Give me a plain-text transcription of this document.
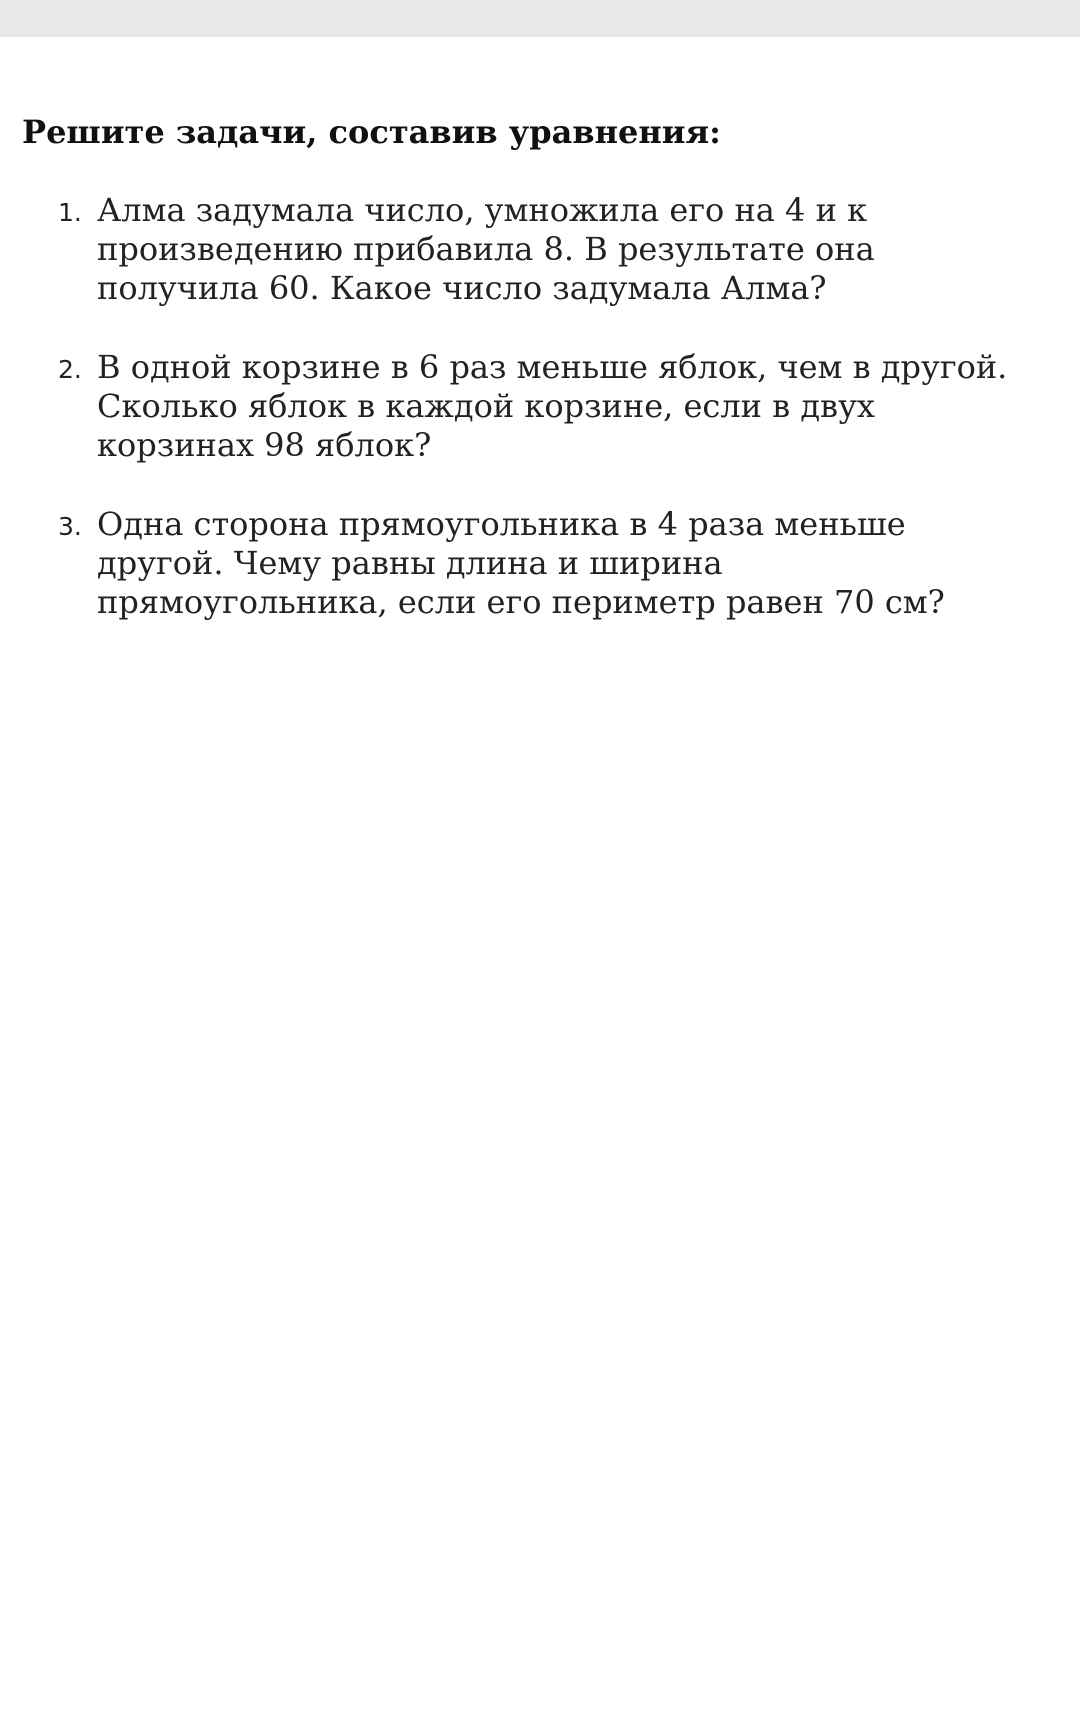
Решите задачи, составив уравнения:
1. Алма задумала число, умножила его на 4 и к
произведению прибавила 8. В результате она
получила 60. Какое число задумала Алма?

2. В одной корзине в 6 раз меньше яблок, чем в другой.
Сколько яблок в каждой корзине, если в двух
корзинах 98 яблок?

3. Одна сторона прямоугольника в 4 раза меньше
другой. Чему равны длина и ширина
прямоугольника, если его периметр равен 70 см?
